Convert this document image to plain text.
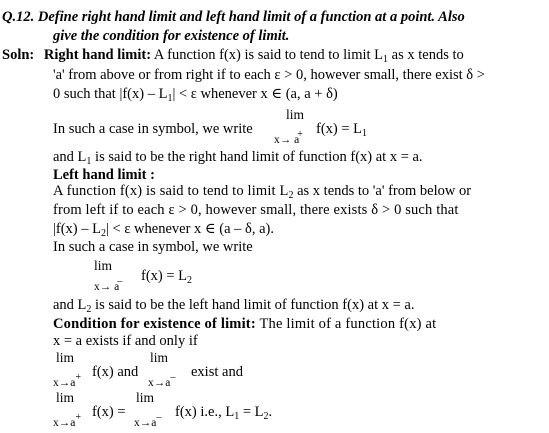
Q.12. Define right hand limit and left hand limit of a function at a point. Also
give the condition for existence of limit.
Soln: Right hand limit: A function f(x) is said to tend to limit $L_1$ as x tends to
'a' from above or from right if to each ε > 0, however small, there exist δ >
0 such that $|f(x) - L_1| < \varepsilon$ whenever x ∈ (a, a + δ)
lim
In such a case in symbol, we write	$f(x) = L_1$
x→ a+
and $L_1$ is said to be the right hand limit of function f(x) at x = a.
Left hand limit :
A function f(x) is said to tend to limit $L_2$ as x tends to 'a' from below or
from left if to each ε > 0, however small, there exists δ > 0 such that
$|f(x) - L_2| < \varepsilon$ whenever x ∈ (a – δ, a).
In such a case in symbol, we write
lim
$f(x) = L_2$
x→ a–
and $L_2$ is said to be the left hand limit of function f(x) at x = a.
Condition for existence of limit: The limit of a function f(x) at
x = a exists if and only if
lim	lim
f(x) and	exist and
x→a+	x→a–
lim	lim
f(x) =	f(x) i.e., $L_1 = L_2$.
x→a+	x→a–
